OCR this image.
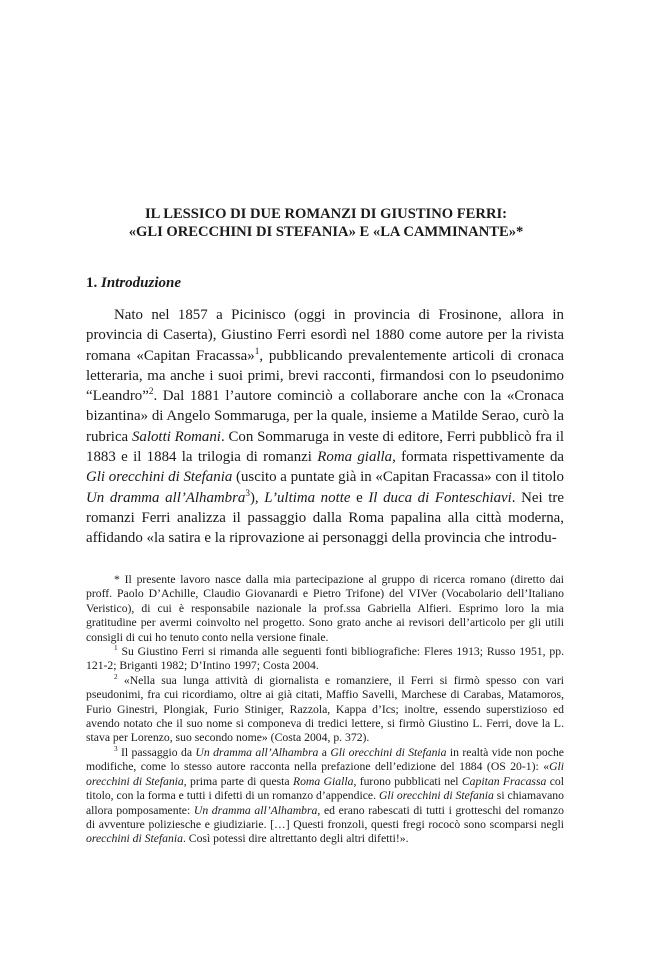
IL LESSICO DI DUE ROMANZI DI GIUSTINO FERRI:
«GLI ORECCHINI DI STEFANIA» E «LA CAMMINANTE»*
1. Introduzione

Nato nel 1857 a Picinisco (oggi in provincia di Frosinone, allora in provincia di Caserta), Giustino Ferri esordì nel 1880 come autore per la rivista romana «Capitan Fracassa»$^1$, pubblicando prevalentemente articoli di cronaca letteraria, ma anche i suoi primi, brevi racconti, firmandosi con lo pseudonimo “Leandro”$^2$. Dal 1881 l’autore cominciò a collaborare anche con la «Cronaca bizantina» di Angelo Sommaruga, per la quale, insieme a Matilde Serao, curò la rubrica Salotti Romani. Con Sommaruga in veste di editore, Ferri pubblicò fra il 1883 e il 1884 la trilogia di romanzi Roma gialla, formata rispettivamente da Gli orecchini di Stefania (uscito a puntate già in «Capitan Fracassa» con il titolo Un dramma all’Alhambra$^3$), L’ultima notte e Il duca di Fonteschiavi. Nei tre romanzi Ferri analizza il passaggio dalla Roma papalina alla città moderna, affidando «la satira e la riprovazione ai personaggi della provincia che introdu-

* Il presente lavoro nasce dalla mia partecipazione al gruppo di ricerca romano (diretto dai proff. Paolo D’Achille, Claudio Giovanardi e Pietro Trifone) del VIVer (Vocabolario dell’Italiano Veristico), di cui è responsabile nazionale la prof.ssa Gabriella Alfieri. Esprimo loro la mia gratitudine per avermi coinvolto nel progetto. Sono grato anche ai revisori dell’articolo per gli utili consigli di cui ho tenuto conto nella versione finale.

$^1$ Su Giustino Ferri si rimanda alle seguenti fonti bibliografiche: Fleres 1913; Russo 1951, pp. 121-2; Briganti 1982; D’Intino 1997; Costa 2004.

$^2$ «Nella sua lunga attività di giornalista e romanziere, il Ferri si firmò spesso con vari pseudonimi, fra cui ricordiamo, oltre ai già citati, Maffio Savelli, Marchese di Carabas, Matamoros, Furio Ginestri, Plongiak, Furio Stiniger, Razzola, Kappa d’Ics; inoltre, essendo superstizioso ed avendo notato che il suo nome si componeva di tredici lettere, si firmò Giustino L. Ferri, dove la L. stava per Lorenzo, suo secondo nome» (Costa 2004, p. 372).

$^3$ Il passaggio da Un dramma all’Alhambra a Gli orecchini di Stefania in realtà vide non poche modifiche, come lo stesso autore racconta nella prefazione dell’edizione del 1884 (OS 20-1): «Gli orecchini di Stefania, prima parte di questa Roma Gialla, furono pubblicati nel Capitan Fracassa col titolo, con la forma e tutti i difetti di un romanzo d’appendice. Gli orecchini di Stefania si chiamavano allora pomposamente: Un dramma all’Alhambra, ed erano rabescati di tutti i grotteschi del romanzo di avventure poliziesche e giudiziarie. […] Questi fronzoli, questi fregi rococò sono scomparsi negli orecchini di Stefania. Così potessi dire altrettanto degli altri difetti!».
